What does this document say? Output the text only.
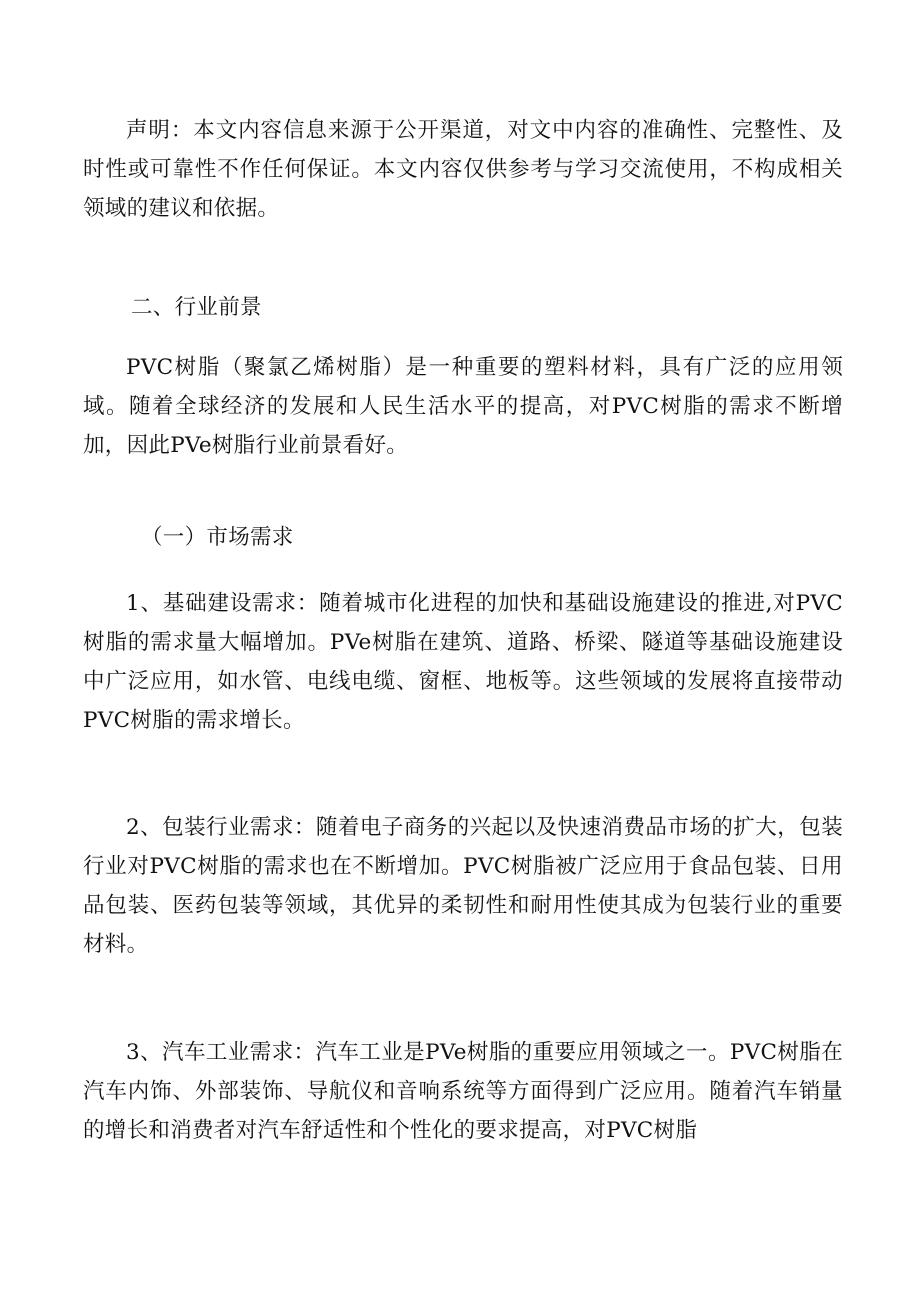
声明：本文内容信息来源于公开渠道，对文中内容的准确性、完整性、及时性或可靠性不作任何保证。本文内容仅供参考与学习交流使用，不构成相关领域的建议和依据。

二、行业前景

PVC树脂（聚氯乙烯树脂）是一种重要的塑料材料，具有广泛的应用领域。随着全球经济的发展和人民生活水平的提高，对PVC树脂的需求不断增加，因此PVe树脂行业前景看好。

（一）市场需求

1、基础建设需求：随着城市化进程的加快和基础设施建设的推进,对PVC树脂的需求量大幅增加。PVe树脂在建筑、道路、桥梁、隧道等基础设施建设中广泛应用，如水管、电线电缆、窗框、地板等。这些领域的发展将直接带动PVC树脂的需求增长。

2、包装行业需求：随着电子商务的兴起以及快速消费品市场的扩大，包装行业对PVC树脂的需求也在不断增加。PVC树脂被广泛应用于食品包装、日用品包装、医药包装等领域，其优异的柔韧性和耐用性使其成为包装行业的重要材料。

3、汽车工业需求：汽车工业是PVe树脂的重要应用领域之一。PVC树脂在汽车内饰、外部装饰、导航仪和音响系统等方面得到广泛应用。随着汽车销量的增长和消费者对汽车舒适性和个性化的要求提高，对PVC树脂
